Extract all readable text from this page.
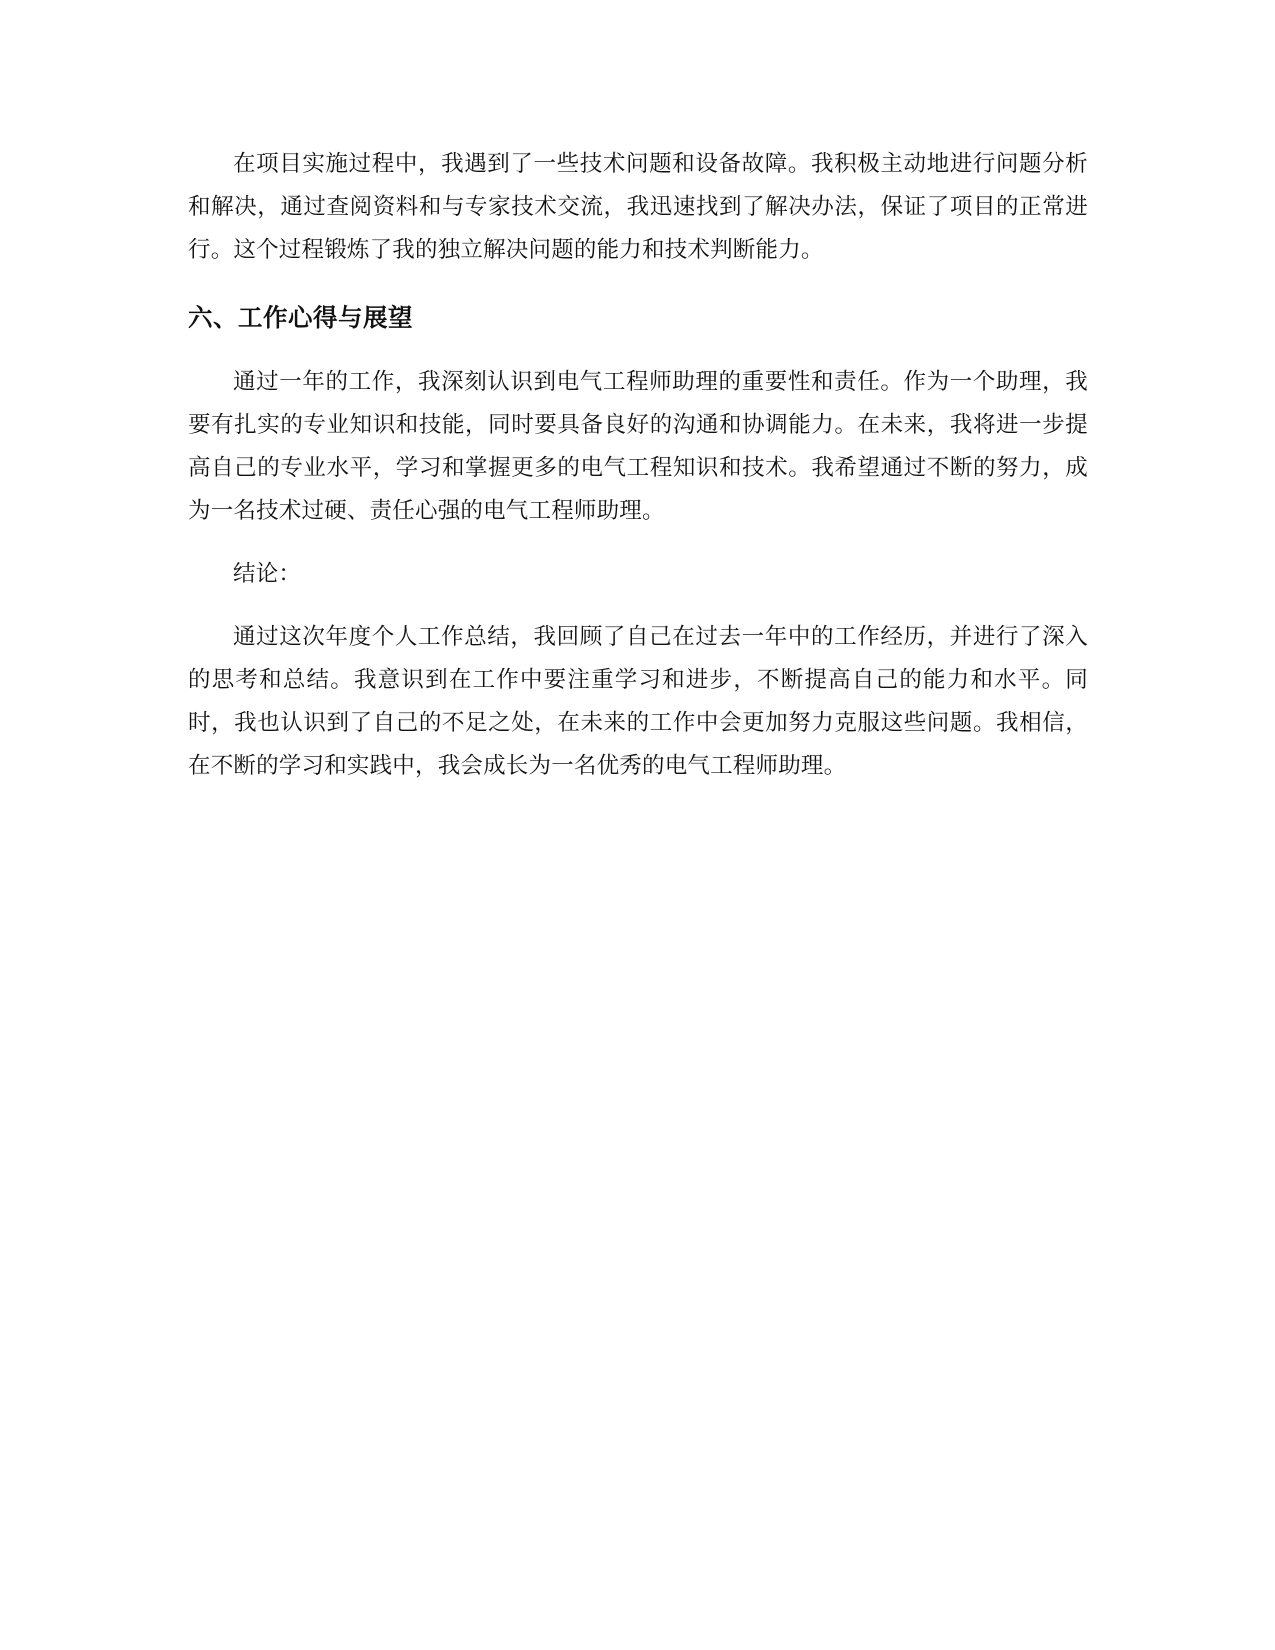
在项目实施过程中，我遇到了一些技术问题和设备故障。我积极主动地进行问题分析和解决，通过查阅资料和与专家技术交流，我迅速找到了解决办法，保证了项目的正常进行。这个过程锻炼了我的独立解决问题的能力和技术判断能力。

六、工作心得与展望

通过一年的工作，我深刻认识到电气工程师助理的重要性和责任。作为一个助理，我要有扎实的专业知识和技能，同时要具备良好的沟通和协调能力。在未来，我将进一步提高自己的专业水平，学习和掌握更多的电气工程知识和技术。我希望通过不断的努力，成为一名技术过硬、责任心强的电气工程师助理。

结论：

通过这次年度个人工作总结，我回顾了自己在过去一年中的工作经历，并进行了深入的思考和总结。我意识到在工作中要注重学习和进步，不断提高自己的能力和水平。同时，我也认识到了自己的不足之处，在未来的工作中会更加努力克服这些问题。我相信，在不断的学习和实践中，我会成长为一名优秀的电气工程师助理。
